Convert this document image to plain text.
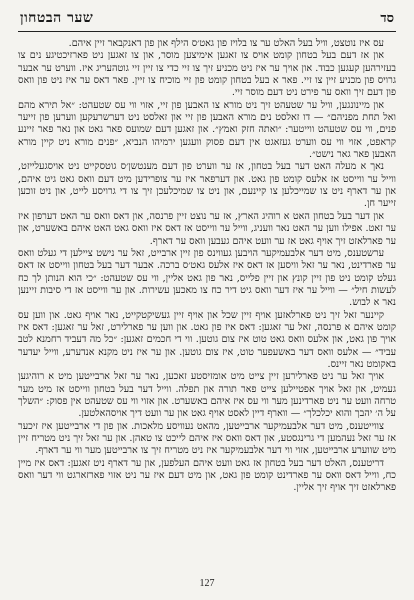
שער הבטחון	סד

עס איז נוטצט, וויל בעל האלט ער צו בלויז פון גאט׳ס הילף און פון דאנקבאר זיין איהם.

און אז דעם בעל בטחון קומט אויס צו זאגען אימיצען מוסר, און צו זאגען ניט פארזיכטיגע נים צו בעזירהען קעגען כבוד. און אויך ער איז ניט מכניע זיך צו זיי כדי צו זיין זיי גוטהעריג איז. ווערט ער אבער גרויס פון מכניע זיין צו זיי. פאר א בעל בטחון קומט פון זיי מוכיח צו זיין. פאר דאס ער איז ניט פון וואס פון דעם זיך וואס ער פירט ניט דעם מוסר זיי.

און מיינונגען, וויל ער שטעהט זיך ניט מורא צו האבען פון זיי, אזוי ווי עס שטעהט: ״אל תירא מהם ואל תחת מפניהם״ — דו זאלסט נים מורא האבען פון זיי און זאלסט ניט דערשרעקען ווערען פון זייער פנים, ווי עס שטעהט ווייטער: ״ואתה חזק ואמץ״. און זאגען דעם שמועס פאר גאט און נאר פאר זיינע קראפט, אזוי ווי עס ווערט געזאגט אין דעם פסוק וועגען ירמיהו הנביא, ״פנים מורא ניט קיין מורא האבען פאר גאר נישט״.

נאך א מעלה האט דער בעל בטחון, אז ער ווערט פון דעם מענטשן׳ס גוטסקייט ניט אויסגעלייזט, ווייל ער ווייסט אז אלעס קומט פון גאט. און דערפאר איז ער צופרידען מיט דעם וואס גאט גיט איהם, און ער דארף ניט צו שמייכלען צו קיינעם, און ניט צו שמיכלעכן זיך צו די גרויסע לייט, און ניט זוכען זייער חן.

און דער בעל בטחון האט א רוהיג הארץ, אז ער נוצט זיין פרנסה, און דאס וואס ער האט דערפון איז ער זאט. אפילו ווען ער האט נאר וועניג, ווייל ער ווייסט אז דאס איז וואס גאט האט איהם באשערט, און ער פארלאזט זיך אויף גאט אז ער וועט איהם געבען וואס ער דארף.

ערשטענס, מיט דער אלבעמיקער הויבען געווינס פון זיין ארבייט, זאל ער נישט ציילען די געלט וואס ער פארדינט, נאר ער זאל וויסען אז דאס איז אלעס גאט׳ס ברכה. אבער דער בעל בטחון ווייסט אז דאס געלט קומט ניט פון זיין קונץ און זיין פלייס, נאר פון גאט אליין, ווי עס שטעהט: ״כי הוא הנותן לך כח לעשות חיל״ — ווייל ער איז דער וואס גיט דיר כח צו מאכען עשירות. און ער ווייסט אז די סיבות זיינען נאר א לבוש.

קיינער זאל זיך ניט פארלאזען אויף זיין שכל און אויף זיין געשיקטקייט, נאר אויף גאט. און ווען עס קומט איהם א פרנסה, זאל ער זאגען: דאס איז פון גאט. און ווען ער פארלירט, זאל ער זאגען: דאס איז אויך פון גאט, און אלעס וואס גאט טוט איז צום גוטען. ווי די חכמים זאגען: ״כל מה דעביד רחמנא לטב עביד״ — אלעס וואס דער באשעפער טוט, איז צום גוטען. און ער איז ניט מקנא אנדערע, ווייל יעדער באקומט נאר זיינס.

אויך זאל ער ניט פארלירען זיין צייט מיט אומזיסטע זאכען, נאר ער זאל ארבייטען מיט א רוהיגען געמיט, און זאל אויך אפטיילען צייט פאר תורה און תפלה. ווייל דער בעל בטחון ווייסט אז מיט מער טרחה וועט ער ניט פארדינען מער ווי עס איז איהם באשערט. און אזוי ווי עס שטעהט אין פסוק: ״השלך על ה׳ יהבך והוא יכלכלך״ — ווארף דיין לאסט אויף גאט און ער וועט דיך אויסהאלטען.

צווייטענס, מיט דער אלבעמיקער ארבייטען, מהאט נעוויסע מלאכות. און פון די ארבייטען איז זיכער אז ער זאל נעהמען די גרינגסטע, און דאס וואס איז איהם לייכט צו טאהן. און ער זאל זיך ניט מטריח זיין מיט שווערע ארבייטען, אזוי ווי דער אלבעמיקער איז ניט מטריח זיך צו ארבייטען מער ווי ער דארף.

דריטענס, האלט דער בעל בטחון אז גאט וועט איהם העלפען, און ער דארף ניט זאגען: דאס איז מיין כח, ווייל דאס וואס ער פארדינט קומט פון גאט, און מיט דעם איז ער ניט אזוי פארזארגט ווי דער וואס פארלאזט זיך אויף זיך אליין.

127
